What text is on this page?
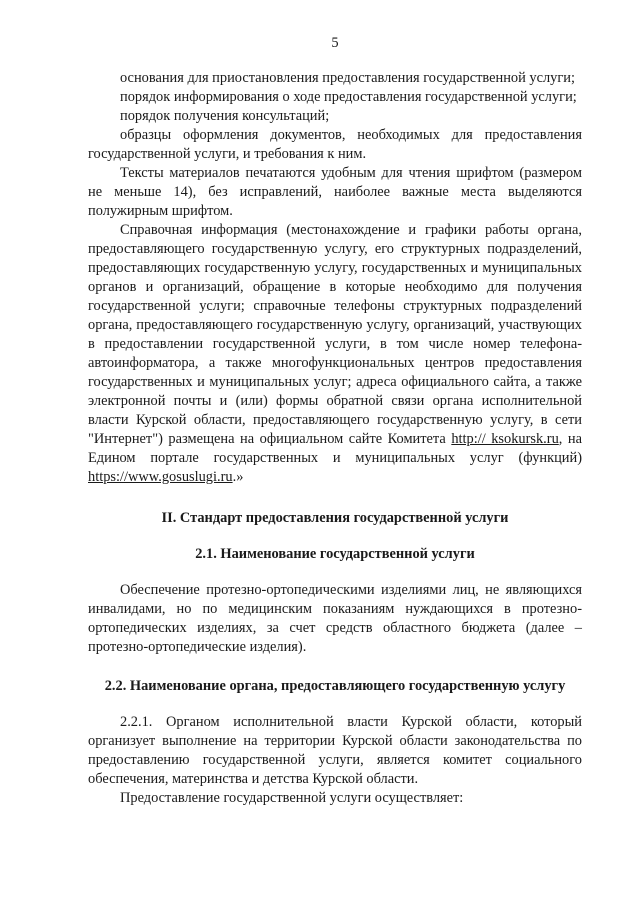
5

основания для приостановления предоставления государственной услуги;

порядок информирования о ходе предоставления государственной услуги;

порядок получения консультаций;

образцы оформления документов, необходимых для предоставления государственной услуги, и требования к ним.

Тексты материалов печатаются удобным для чтения шрифтом (размером не меньше 14), без исправлений, наиболее важные места выделяются полужирным шрифтом.

Справочная информация (местонахождение и графики работы органа, предоставляющего государственную услугу, его структурных подразделений, предоставляющих государственную услугу, государственных и муниципальных органов и организаций, обращение в которые необходимо для получения государственной услуги; справочные телефоны структурных подразделений органа, предоставляющего государственную услугу, организаций, участвующих в предоставлении государственной услуги, в том числе номер телефона-автоинформатора, а также многофункциональных центров предоставления государственных и муниципальных услуг; адреса официального сайта, а также электронной почты и (или) формы обратной связи органа исполнительной власти Курской области, предоставляющего государственную услугу, в сети "Интернет") размещена на официальном сайте Комитета http:// ksokursk.ru, на Едином портале государственных и муниципальных услуг (функций) https://www.gosuslugi.ru.»

II. Стандарт предоставления государственной услуги
2.1. Наименование государственной услуги

Обеспечение протезно-ортопедическими изделиями лиц, не являющихся инвалидами, но по медицинским показаниям нуждающихся в протезно-ортопедических изделиях, за счет средств областного бюджета (далее – протезно-ортопедические изделия).

2.2. Наименование органа, предоставляющего государственную услугу

2.2.1. Органом исполнительной власти Курской области, который организует выполнение на территории Курской области законодательства по предоставлению государственной услуги, является комитет социального обеспечения, материнства и детства Курской области.

Предоставление государственной услуги осуществляет:
